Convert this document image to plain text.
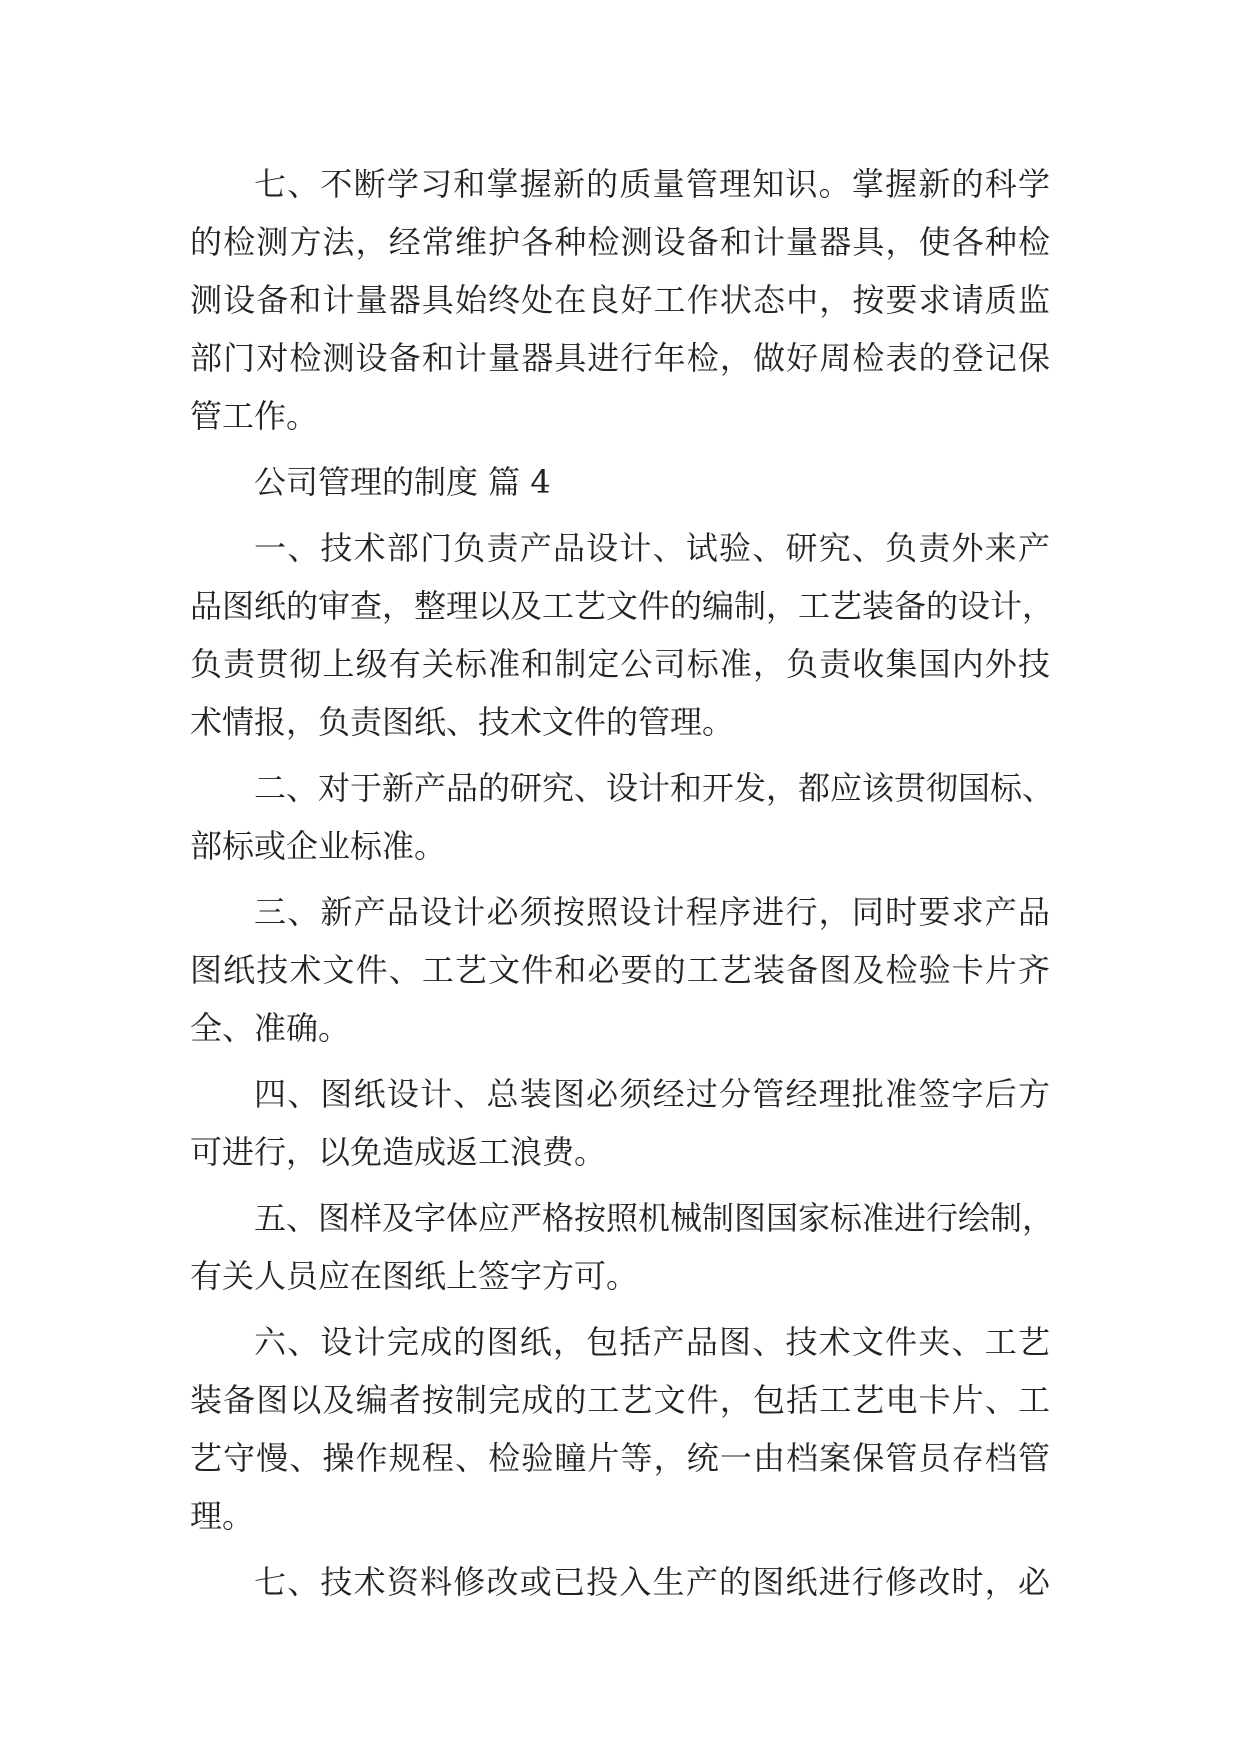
七、不断学习和掌握新的质量管理知识。掌握新的科学
的检测方法，经常维护各种检测设备和计量器具，使各种检
测设备和计量器具始终处在良好工作状态中，按要求请质监
部门对检测设备和计量器具进行年检，做好周检表的登记保
管工作。
公司管理的制度 篇 4
一、技术部门负责产品设计、试验、研究、负责外来产
品图纸的审查，整理以及工艺文件的编制，工艺装备的设计，
负责贯彻上级有关标准和制定公司标准，负责收集国内外技
术情报，负责图纸、技术文件的管理。
二、对于新产品的研究、设计和开发，都应该贯彻国标、
部标或企业标准。
三、新产品设计必须按照设计程序进行，同时要求产品
图纸技术文件、工艺文件和必要的工艺装备图及检验卡片齐
全、准确。
四、图纸设计、总装图必须经过分管经理批准签字后方
可进行，以免造成返工浪费。
五、图样及字体应严格按照机械制图国家标准进行绘制，
有关人员应在图纸上签字方可。
六、设计完成的图纸，包括产品图、技术文件夹、工艺
装备图以及编者按制完成的工艺文件，包括工艺电卡片、工
艺守慢、操作规程、检验瞳片等，统一由档案保管员存档管
理。
七、技术资料修改或已投入生产的图纸进行修改时，必
